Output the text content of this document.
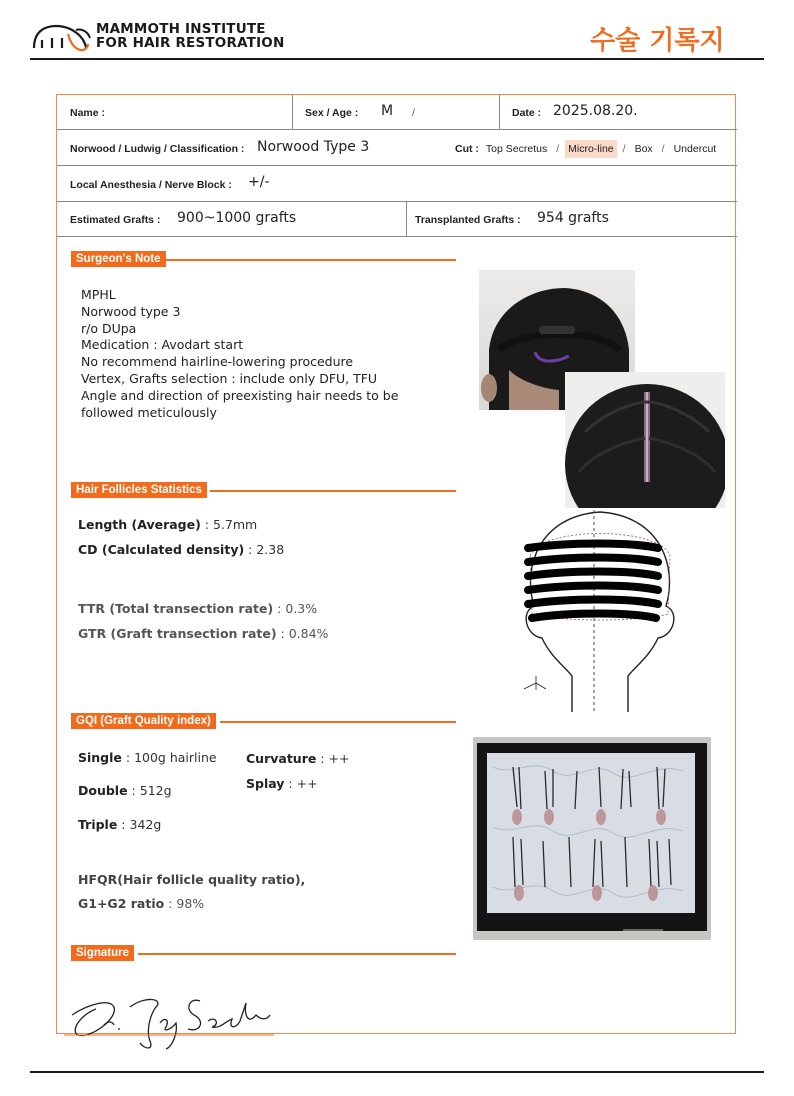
MAMMOTH INSTITUTE
FOR HAIR RESTORATION	수술 기록지
Name :	Sex / Age : M /	Date : 2025.08.20.
Norwood / Ludwig / Classification : Norwood Type 3	Cut : Top Secretus / Micro-line / Box / Undercut
Local Anesthesia / Nerve Block : +/-
Estimated Grafts : 900~1000 grafts	Transplanted Grafts : 954 grafts
Surgeon's Note
MPHL
Norwood type 3
r/o DUpa
Medication : Avodart start
No recommend hairline-lowering procedure
Vertex, Grafts selection : include only DFU, TFU
Angle and direction of preexisting hair needs to be
followed meticulously
Hair Follicles Statistics
Length (Average) : 5.7mm
CD (Calculated density) : 2.38
TTR (Total transection rate) : 0.3%
GTR (Graft transection rate) : 0.84%
GQI (Graft Quality index)
Single : 100g hairline
Double : 512g
Triple : 342g
Curvature : ++
Splay : ++
HFQR(Hair follicle quality ratio),
G1+G2 ratio : 98%
Signature
Dr. Jay Seok
